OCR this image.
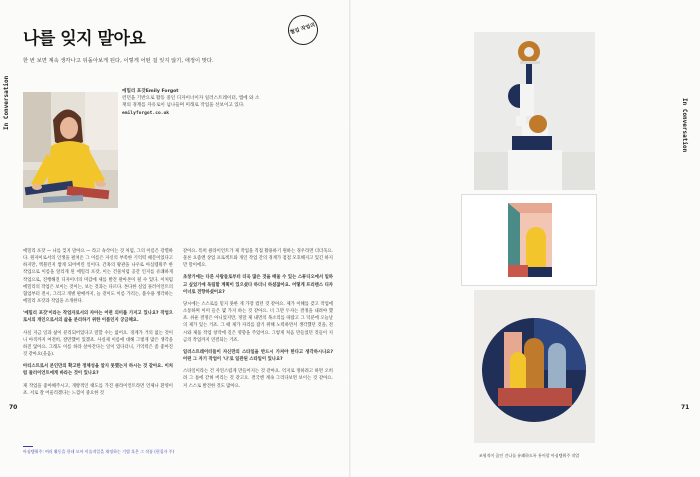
나를 잊지 말아요	협업 작업의
한 번 보면 계속 생각나고 뒤돌아보게 된다, 이렇게 어떤 걸 잊지 않기, 애정이 맞다.
In Conversation	In Conversation
에밀리 포갓Emily Forgot
런던을 기반으로 활동 중인 디자이너이자 일러스트레이터, 앱에 와 소재의 경계를 자유로이 넘나들며 미래로 작업을 선보이고 있다.
emilyforgot.co.uk

에밀리 포갓 — 나를 잊지 말아요 — 라고 속삭이는 것 처럼, 그의 이름은 강렬하다. 원자이로서의 인생을 펼쳐온 그 이름은 자신의 부족한 기억력 때문이었다고 하지만, 엑블린지 쌓게 되어버린 일이다. 간혹의 왕관을 나우로 아심템워주 한 작업으로 이름을 알리게 된 에밀리 포갓, 이는 건물처럼 공간 인지를 유쾌하게 작업으로, 진행해진 디자이너의 미감에 새를 발견 팔아본이 될 수 있다. 이처럼 에밀리의 작업은 보이는 것이는, 보는 것과는 다르다. 톤다한 실업 플러이언트의 협업부터 전시, 그리고 개별 판매까지, 늘 겉이도 이름 가리는, 불수용 생각하는 에밀리 포갓과 작업을 소개한다.

'에밀리 포갓'이라는 작업자로서의 자아는 어떤 의미를 가지고 있나요? 작업으로서의 개인으로서의 삶을 분리하기 위한 이름인지 궁금해요.

사실 지금 일과 삶이 분리되어있다고 말할 수는 없어요. 경계가 거의 없는 것이니 아직까지 여전히, 잘만했어 있겠죠. 사실제 이름에 대해 그렇게 많은 생각을 하진 않아요. 그래도 이름 하라 살아간다는 일이 있다더니, 기억력은 좀 좋아진 것 같아요(웃음).

아티스트로서 본인만의 확고한 정체성을 알지 못했는지 하시는 것 같아요. 이처럼 둘러이언트에게 바라는 것이 있나요?

제 작업을 좋아해주시고, 개방적인 태도를 가진 클라이언트라면 언제나 환영이죠. 서로 잘 어울리겠다는 느낌이 중요한 것

같아요. 특히 클라이언트가 제 작업을 직접 활용하기 원하는 경우라면 더더욱요. 물론 요즘엔 상업 프로젝트와 개인 작업 간의 경계가 점점 모호해지고 있긴 하지만 말이에요.

초창기에는 다른 사람들로부터 더욱 많은 것을 배울 수 있는 스튜디오에서 일하고 싶었기에 독립할 계획이 있으셨다 하더니 하셨잖아요. 어떻게 프리랜스 디자이너로 전향하셨어요?

당시에는 스스로를 믿지 못한 게 가장 컸던 것 같아요. 제가 이해를 갖고 작업에 소통하며 이미 들은 몇 가지 하는 것 같아요. 너 그만 두자는 결정을 내려야 했죠. 쉬운 결정은 아니었지만, 정말 제 내면의 목소리를 따랐고 그 덕분에 오늘날의 제가 있는 거죠. 그 때 제가 자리를 잡기 위해 노력하면서 생각했던 것을, 전시와 제품 작업 창작에 깊은 영향을 주었어요. 그렇게 처음 만들었던 것들이 지금의 작업까지 연결되는 거죠.

일러스트레이터들이 자신만의 스타일을 반드시 가져야 한다고 생각하시나요? 어떤 그 자기 작업이 '나'로 일관된 스타일이 있나요?

스타일이라는 건 자연스럽게 만들어지는 것 같아요. 억지로 정하려고 하면 오히려 그 틀에 갇혀 버리는 것 같고요. 결국엔 계속 그리다보면 보이는 것 같아요. 저 스스로 발견한 것도 많아요.

70	71
아심템워주: 여러 활동을 한데 모아 이술적일을 재정하는 기법 혹은 그 작품 (편집자 주)
조형적이 꿈인 건나를 유쾌하도록 통어할 아심템워주 작업
